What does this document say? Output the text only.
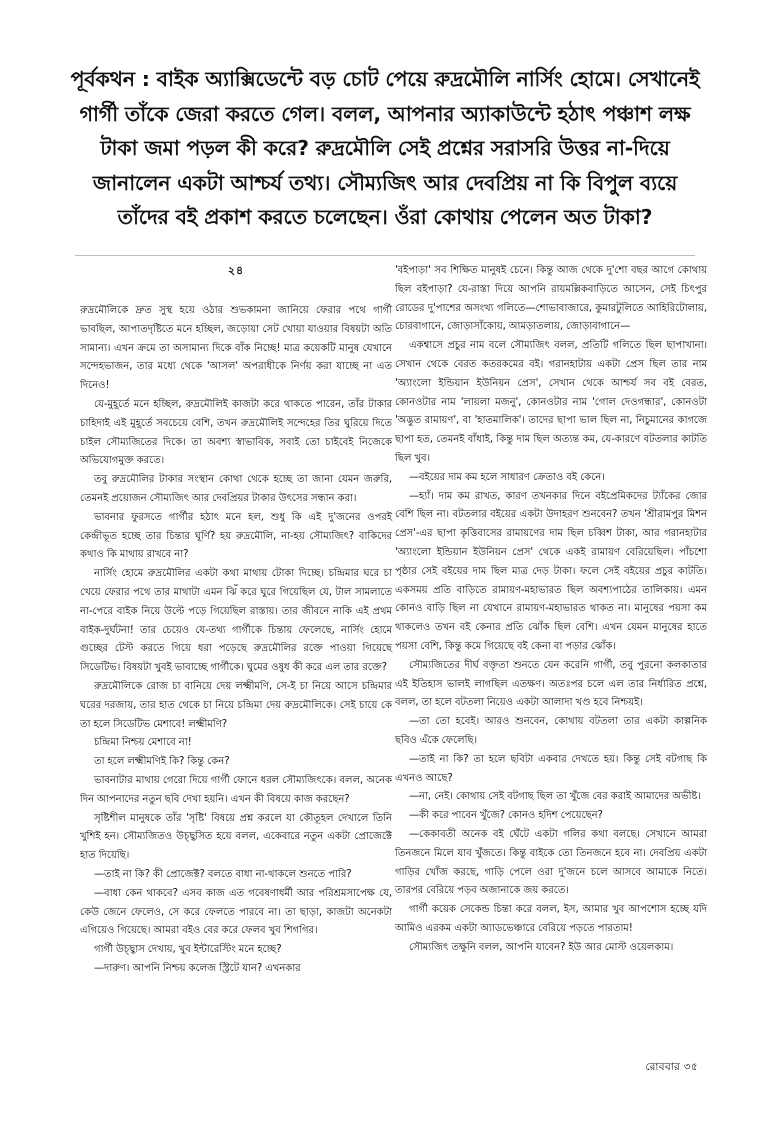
পূর্বকথন : বাইক অ্যাক্সিডেন্টে বড় চোট পেয়ে রুদ্রমৌলি নার্সিং হোমে। সেখানেই গার্গী তাঁকে জেরা করতে গেল। বলল, আপনার অ্যাকাউন্টে হঠাৎ পঞ্চাশ লক্ষ টাকা জমা পড়ল কী করে? রুদ্রমৌলি সেই প্রশ্নের সরাসরি উত্তর না-দিয়ে জানালেন একটা আশ্চর্য তথ্য। সৌম্যজিৎ আর দেবপ্রিয় না কি বিপুল ব্যয়ে তাঁদের বই প্রকাশ করতে চলেছেন। ওঁরা কোথায় পেলেন অত টাকা?
২৪

রুদ্রমৌলিকে দ্রুত সুস্থ হয়ে ওঠার শুভকামনা জানিয়ে ফেরার পথে গার্গী ভাবছিল, আপাতদৃষ্টিতে মনে হচ্ছিল, জড়োয়া সেট খোয়া যাওয়ার বিষয়টা অতি সামান্য। এখন ক্রমে তা অসামান্য দিকে বাঁক নিচ্ছে! মাত্র কয়েকটি মানুষ যেখানে সন্দেহভাজন, তার মধ্যে থেকে 'আসল' অপরাধীকে নির্ণয় করা যাচ্ছে না এত দিনেও!

যে-মুহূর্তে মনে হচ্ছিল, রুদ্রমৌলিই কাজটা করে থাকতে পারেন, তাঁর টাকার চাহিদাই এই মুহূর্তে সবচেয়ে বেশি, তখন রুদ্রমৌলিই সন্দেহের তির ঘুরিয়ে দিতে চাইল সৌম্যজিতের দিকে। তা অবশ্য স্বাভাবিক, সবাই তো চাইবেই নিজেকে অভিযোগমুক্ত করতে।

তবু রুদ্রমৌলির টাকার সংস্থান কোথা থেকে হচ্ছে তা জানা যেমন জরুরি, তেমনই প্রয়োজন সৌম্যজিৎ আর দেবপ্রিয়র টাকার উৎসের সন্ধান করা।

ভাবনার ফুরসতে গার্গীর হঠাৎ মনে হল, শুধু কি এই দু'জনের ওপরই কেন্দ্রীভূত হচ্ছে তার চিন্তার ঘূর্ণি? হয় রুদ্রমৌলি, না-হয় সৌম্যজিৎ? বাকিদের কথাও কি মাথায় রাখবে না?

নার্সিং হোমে রুদ্রমৌলির একটা কথা মাথায় টোকা দিচ্ছে। চন্দ্রিমার ঘরে চা খেয়ে ফেরার পথে তার মাথাটা এমন ঝিঁ করে ঘুরে গিয়েছিল যে, টাল সামলাতে না-পেরে বাইক নিয়ে উল্টে পড়ে গিয়েছিল রাস্তায়। তার জীবনে নাকি এই প্রথম বাইক-দুর্ঘটনা! তার চেয়েও যে-তথ্য গার্গীকে চিন্তায় ফেলেছে, নার্সিং হোমে গুচ্ছের টেস্ট করতে গিয়ে ধরা পড়েছে রুদ্রমৌলির রক্তে পাওয়া গিয়েছে সিডেটিভ। বিষয়টা খুবই ভাবাচ্ছে গার্গীকে। ঘুমের ওষুধ কী করে এল তার রক্তে?

রুদ্রমৌলিকে রোজ চা বানিয়ে দেয় লক্ষ্মীমণি, সে-ই চা নিয়ে আসে চন্দ্রিমার ঘরের দরজায়, তার হাত থেকে চা নিয়ে চন্দ্রিমা দেয় রুদ্রমৌলিকে। সেই চায়ে কে তা হলে সিডেটিভ মেশাবে! লক্ষ্মীমণি?

চন্দ্রিমা নিশ্চয় মেশাবে না!

তা হলে লক্ষ্মীমণিই কি? কিন্তু কেন?

ভাবনাটার মাথায় গেরো দিয়ে গার্গী ফোনে ধরল সৌম্যজিৎকে। বলল, অনেক দিন আপনাদের নতুন ছবি দেখা হয়নি। এখন কী বিষয়ে কাজ করছেন?

সৃষ্টিশীল মানুষকে তাঁর 'সৃষ্টি' বিষয়ে প্রশ্ন করলে যা কৌতূহল দেখালে তিনি খুশিই হন। সৌম্যজিতও উচ্ছ্বসিত হয়ে বলল, একেবারে নতুন একটা প্রোজেক্টে হাত দিয়েছি।

—তাই না কি? কী প্রোজেক্ট? বলতে বাধা না-থাকলে শুনতে পারি?

—বাধা কেন থাকবে? এসব কাজ এত গবেষণাধর্মী আর পরিশ্রমসাপেক্ষ যে, কেউ জেনে ফেলেও, সে করে ফেলতে পারবে না। তা ছাড়া, কাজটা অনেকটা এগিয়েও গিয়েছে। আমরা বইও বের করে ফেলব খুব শিগগির।

গার্গী উচ্ছ্বাস দেখায়, খুব ইন্টারেস্টিং মনে হচ্ছে?

—দারুণ। আপনি নিশ্চয় কলেজ স্ট্রিটে যান? এখনকার

'বইপাড়া' সব শিক্ষিত মানুষই চেনে। কিন্তু আজ থেকে দু'শো বছর আগে কোথায় ছিল বইপাড়া? যে-রাস্তা দিয়ে আপনি রায়মল্লিকবাড়িতে আসেন, সেই চিৎপুর রোডের দু'পাশের অসংখ্য গলিতে—শোভাবাজারে, কুমারটুলিতে আহিরিটোলায়, চোরবাগানে, জোড়াসাঁকোয়, আমড়াতলায়, জোড়াবাগানে—

একশ্বাসে প্রচুর নাম বলে সৌম্যজিৎ বলল, প্রতিটি গলিতে ছিল ছাপাখানা। সেখান থেকে বেরত কতরকমের বই। গরানহাটায় একটা প্রেস ছিল তার নাম 'অ্যাংলো ইন্ডিয়ান ইউনিয়ন প্রেস', সেখান থেকে আশ্চর্য সব বই বেরত, কোনওটার নাম 'লায়লা মজনু', কোনওটার নাম 'গোল দেওগন্ধার', কোনওটা 'অদ্ভুত রামায়ণ', বা 'হাতমালিক'। তাদের ছাপা ভাল ছিল না, নিচুমানের কাগজে ছাপা হত, তেমনই বাঁধাই, কিন্তু দাম ছিল অত্যন্ত কম, যে-কারণে বটতলার কাটতি ছিল খুব।

—বইয়ের দাম কম হলে সাধারণ ক্রেতাও বই কেনে।

—হ্যাঁ। দাম কম রাখত, কারণ তখনকার দিনে বইপ্রেমিকদের ট্যাঁকের জোর বেশি ছিল না। বটতলার বইয়ের একটা উদাহরণ শুনবেন? তখন 'শ্রীরামপুর মিশন প্রেস'-এর ছাপা কৃত্তিবাসের রামায়ণের দাম ছিল চব্বিশ টাকা, আর গরানহাটার 'অ্যাংলো ইন্ডিয়ান ইউনিয়ন প্রেস' থেকে একই রামায়ণ বেরিয়েছিল। পাঁচশো পৃষ্ঠার সেই বইয়ের দাম ছিল মাত্র দেড় টাকা। ফলে সেই বইয়ের প্রচুর কাটতি। একসময় প্রতি বাড়িতে রামায়ণ-মহাভারত ছিল অবশ্যপাঠের তালিকায়। এমন কোনও বাড়ি ছিল না যেখানে রামায়ণ-মহাভারত থাকত না। মানুষের পয়সা কম থাকলেও তখন বই কেনার প্রতি ঝোঁক ছিল বেশি। এখন যেমন মানুষের হাতে পয়সা বেশি, কিন্তু কমে গিয়েছে বই কেনা বা পড়ার ঝোঁক।

সৌম্যজিতের দীর্ঘ বক্তৃতা শুনতে যেন করেনি গার্গী, তবু পুরনো কলকাতার এই ইতিহাস ভালই লাগছিল এতক্ষণ। অতঃপর চলে এল তার নির্ধারিত প্রশ্নে, বলল, তা হলে বটতলা নিয়েও একটা আলাদা খণ্ড হবে নিশ্চয়ই।

—তা তো হবেই। আরও শুনবেন, কোথায় বটতলা তার একটা কাল্পনিক ছবিও এঁকে ফেলেছি।

—তাই না কি? তা হলে ছবিটা একবার দেখতে হয়। কিন্তু সেই বটগাছ কি এখনও আছে?

—না, নেই। কোথায় সেই বটগাছ ছিল তা খুঁজে বের করাই আমাদের অভীষ্ট।

—কী করে পাবেন খুঁজে? কোনও হদিশ পেয়েছেন?

—কেকাবতী অনেক বই ঘেঁটে একটা গলির কথা বলছে। সেখানে আমরা তিনজনে মিলে যাব খুঁজতে। কিন্তু বাইকে তো তিনজনে হবে না। দেবপ্রিয় একটা গাড়ির খোঁজ করছে, গাড়ি পেলে ওরা দু'জনে চলে আসবে আমাকে নিতে। তারপর বেরিয়ে পড়ব অজানাকে জয় করতে।

গার্গী কয়েক সেকেন্ড চিন্তা করে বলল, ইস, আমার খুব আপশোস হচ্ছে যদি আমিও এরকম একটা অ্যাডভেঞ্চারে বেরিয়ে পড়তে পারতাম!

সৌম্যজিৎ তক্ষুনি বলল, আপনি যাবেন? ইউ আর মোস্ট ওয়েলকাম।

রোববার ৩৫
